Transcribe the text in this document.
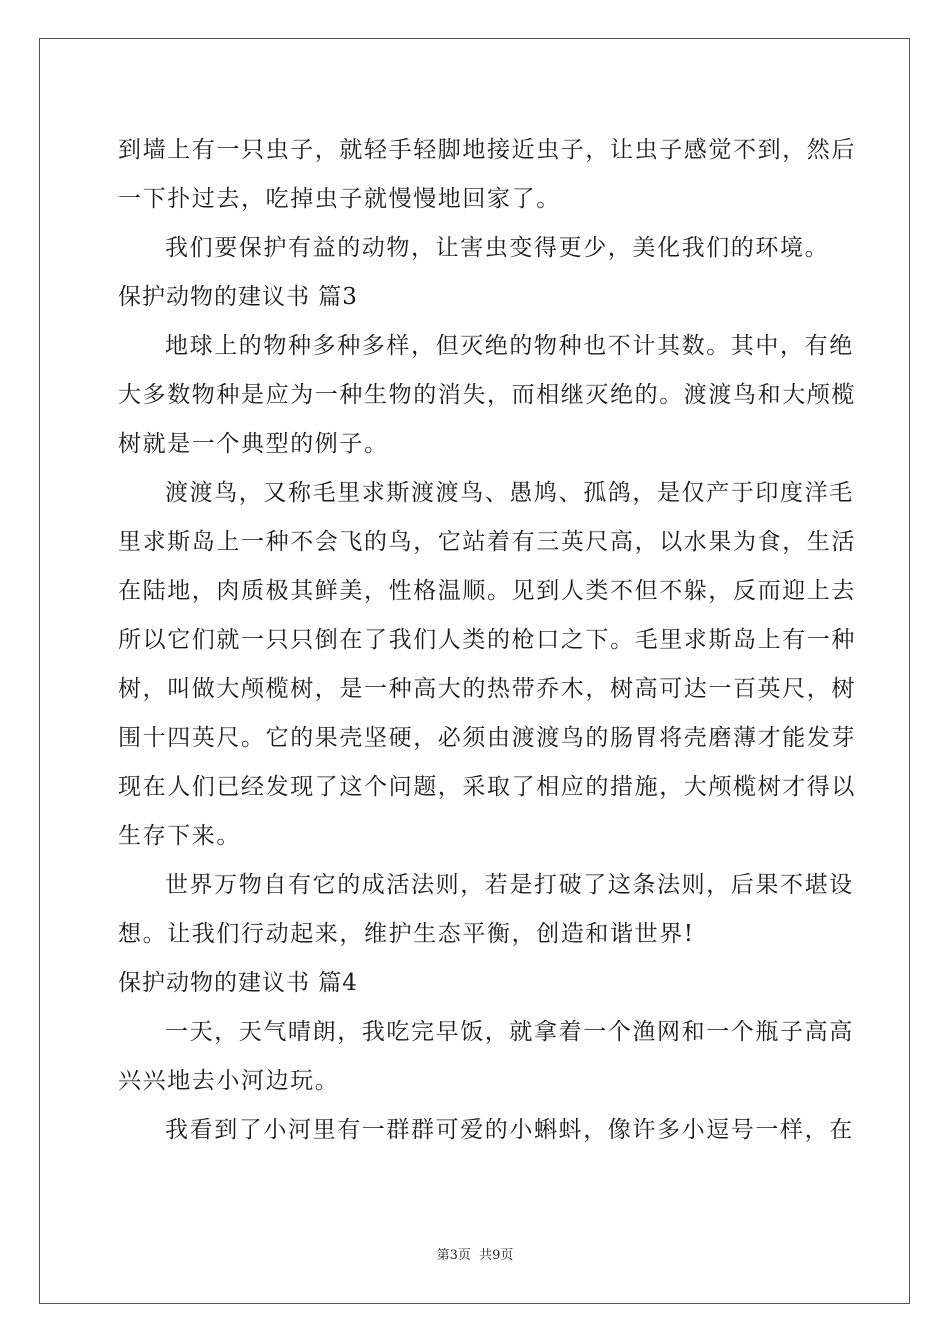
到墙上有一只虫子，就轻手轻脚地接近虫子，让虫子感觉不到，然后
一下扑过去，吃掉虫子就慢慢地回家了。
我们要保护有益的动物，让害虫变得更少，美化我们的环境。
保护动物的建议书 篇3
地球上的物种多种多样，但灭绝的物种也不计其数。其中，有绝
大多数物种是应为一种生物的消失，而相继灭绝的。渡渡鸟和大颅榄
树就是一个典型的例子。
渡渡鸟，又称毛里求斯渡渡鸟、愚鸠、孤鸽，是仅产于印度洋毛
里求斯岛上一种不会飞的鸟，它站着有三英尺高，以水果为食，生活
在陆地，肉质极其鲜美，性格温顺。见到人类不但不躲，反而迎上去
所以它们就一只只倒在了我们人类的枪口之下。毛里求斯岛上有一种
树，叫做大颅榄树，是一种高大的热带乔木，树高可达一百英尺，树
围十四英尺。它的果壳坚硬，必须由渡渡鸟的肠胃将壳磨薄才能发芽
现在人们已经发现了这个问题，采取了相应的措施，大颅榄树才得以
生存下来。
世界万物自有它的成活法则，若是打破了这条法则，后果不堪设
想。让我们行动起来，维护生态平衡，创造和谐世界!
保护动物的建议书 篇4
一天，天气晴朗，我吃完早饭，就拿着一个渔网和一个瓶子高高
兴兴地去小河边玩。
我看到了小河里有一群群可爱的小蝌蚪，像许多小逗号一样，在
第3页 共9页
